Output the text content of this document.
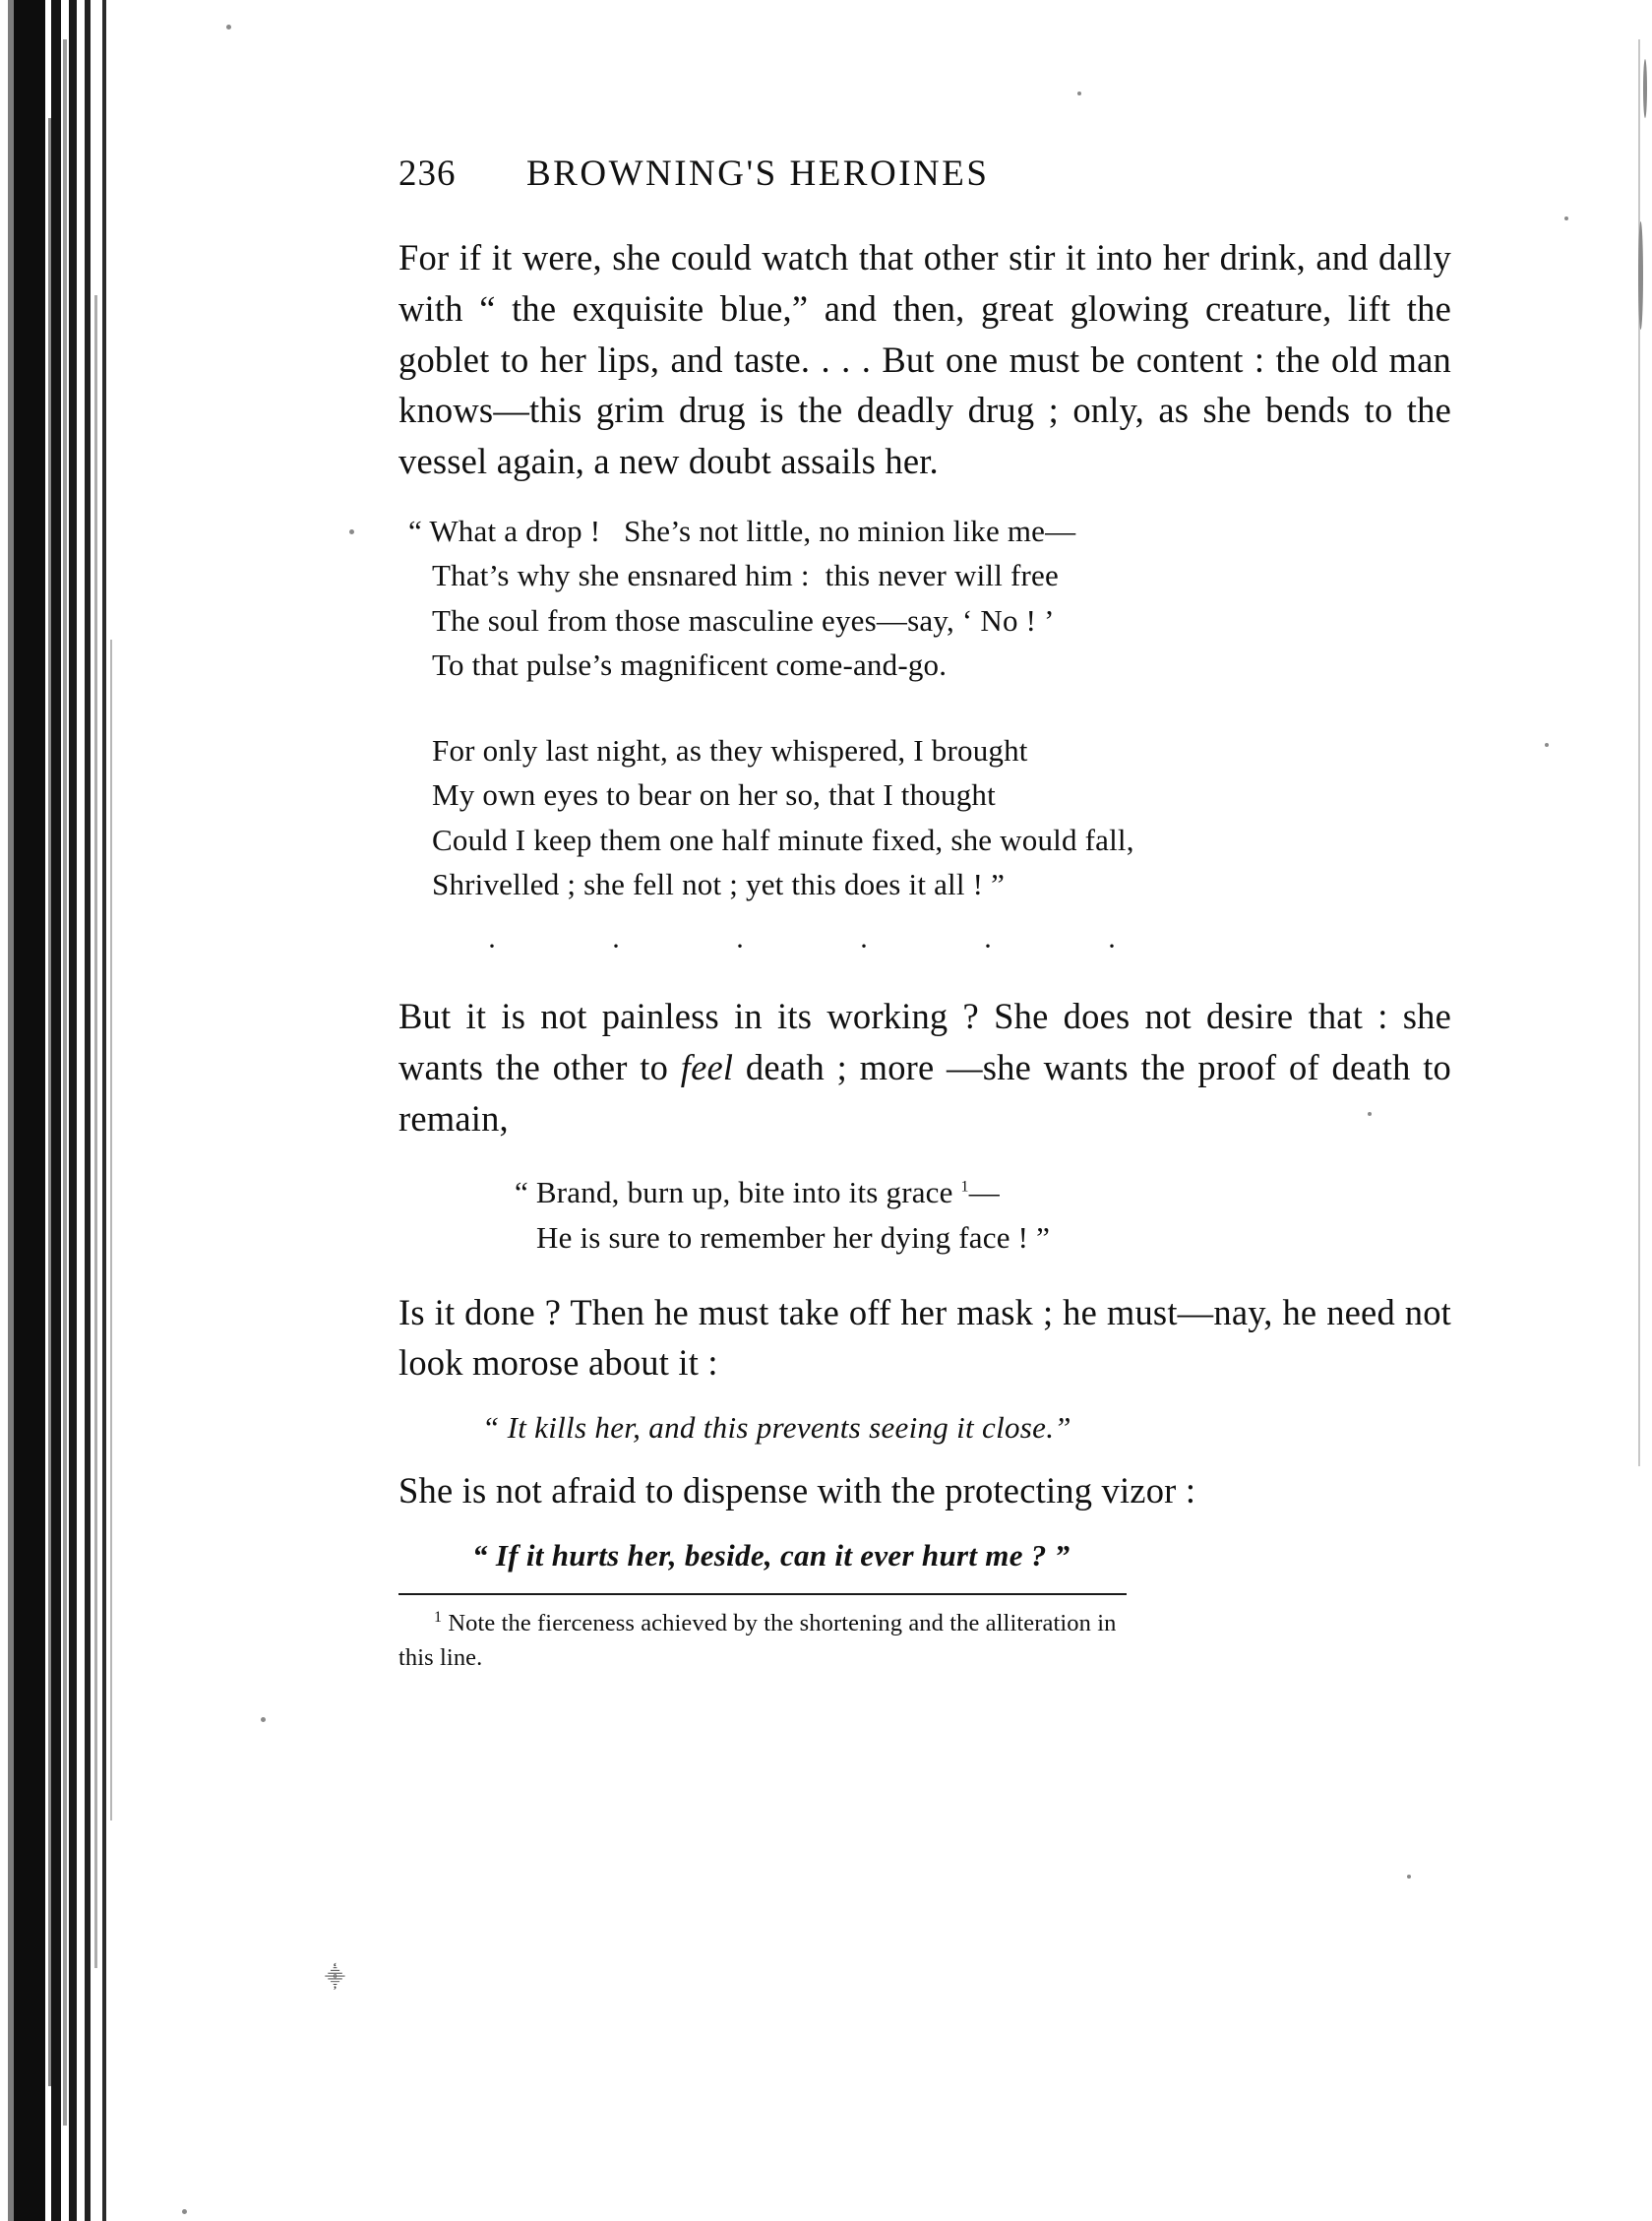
236	BROWNING'S HEROINES

For if it were, she could watch that other stir it into her drink, and dally with “ the exquisite blue,” and then, great glowing creature, lift the goblet to her lips, and taste. . . . But one must be content : the old man knows—this grim drug is the deadly drug ; only, as she bends to the vessel again, a new doubt assails her.

“ What a drop !   She’s not little, no minion like me—
That’s why she ensnared him :  this never will free
The soul from those masculine eyes—say, ‘ No ! ’
To that pulse’s magnificent come-and-go.
For only last night, as they whispered, I brought
My own eyes to bear on her so, that I thought
Could I keep them one half minute fixed, she would fall,
Shrivelled ; she fell not ; yet this does it all ! ”
·	·	·	·	·	·

But it is not painless in its working ? She does not desire that : she wants the other to feel death ; more —she wants the proof of death to remain,

“ Brand, burn up, bite into its grace $^1$—
He is sure to remember her dying face ! ”

Is it done ? Then he must take off her mask ; he must—nay, he need not look morose about it :

“ It kills her, and this prevents seeing it close.”

She is not afraid to dispense with the protecting vizor :

“ If it hurts her, beside, can it ever hurt me ? ”
$^1$ Note the fierceness achieved by the shortening and the alliteration in
this line.
⸎
